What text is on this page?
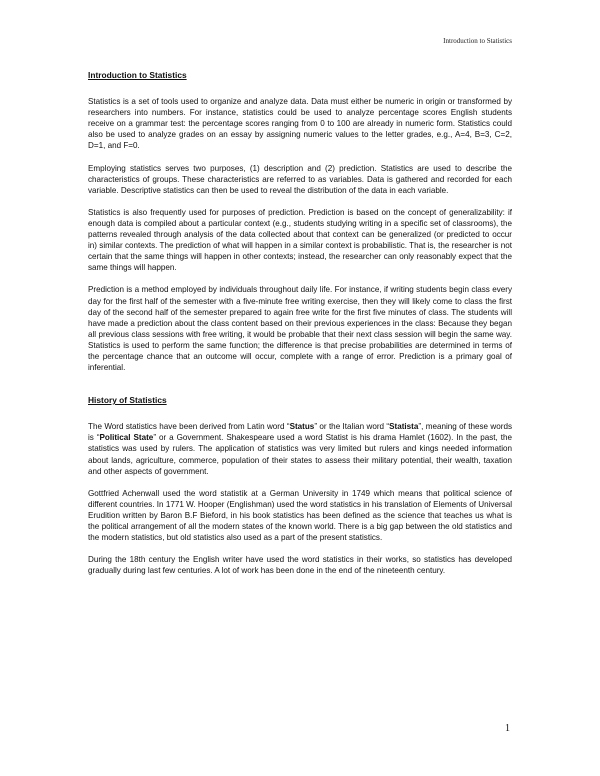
Introduction to Statistics

Introduction to Statistics

Statistics is a set of tools used to organize and analyze data. Data must either be numeric in origin or transformed by researchers into numbers. For instance, statistics could be used to analyze percentage scores English students receive on a grammar test: the percentage scores ranging from 0 to 100 are already in numeric form. Statistics could also be used to analyze grades on an essay by assigning numeric values to the letter grades, e.g., A=4, B=3, C=2, D=1, and F=0.

Employing statistics serves two purposes, (1) description and (2) prediction. Statistics are used to describe the characteristics of groups. These characteristics are referred to as variables. Data is gathered and recorded for each variable. Descriptive statistics can then be used to reveal the distribution of the data in each variable.

Statistics is also frequently used for purposes of prediction. Prediction is based on the concept of generalizability: if enough data is compiled about a particular context (e.g., students studying writing in a specific set of classrooms), the patterns revealed through analysis of the data collected about that context can be generalized (or predicted to occur in) similar contexts. The prediction of what will happen in a similar context is probabilistic. That is, the researcher is not certain that the same things will happen in other contexts; instead, the researcher can only reasonably expect that the same things will happen.

Prediction is a method employed by individuals throughout daily life. For instance, if writing students begin class every day for the first half of the semester with a five-minute free writing exercise, then they will likely come to class the first day of the second half of the semester prepared to again free write for the first five minutes of class. The students will have made a prediction about the class content based on their previous experiences in the class: Because they began all previous class sessions with free writing, it would be probable that their next class session will begin the same way. Statistics is used to perform the same function; the difference is that precise probabilities are determined in terms of the percentage chance that an outcome will occur, complete with a range of error. Prediction is a primary goal of inferential.

History of Statistics

The Word statistics have been derived from Latin word “Status” or the Italian word “Statista”, meaning of these words is “Political State” or a Government. Shakespeare used a word Statist is his drama Hamlet (1602). In the past, the statistics was used by rulers. The application of statistics was very limited but rulers and kings needed information about lands, agriculture, commerce, population of their states to assess their military potential, their wealth, taxation and other aspects of government.

Gottfried Achenwall used the word statistik at a German University in 1749 which means that political science of different countries. In 1771 W. Hooper (Englishman) used the word statistics in his translation of Elements of Universal Erudition written by Baron B.F Bieford, in his book statistics has been defined as the science that teaches us what is the political arrangement of all the modern states of the known world. There is a big gap between the old statistics and the modern statistics, but old statistics also used as a part of the present statistics.

During the 18th century the English writer have used the word statistics in their works, so statistics has developed gradually during last few centuries. A lot of work has been done in the end of the nineteenth century.

1
